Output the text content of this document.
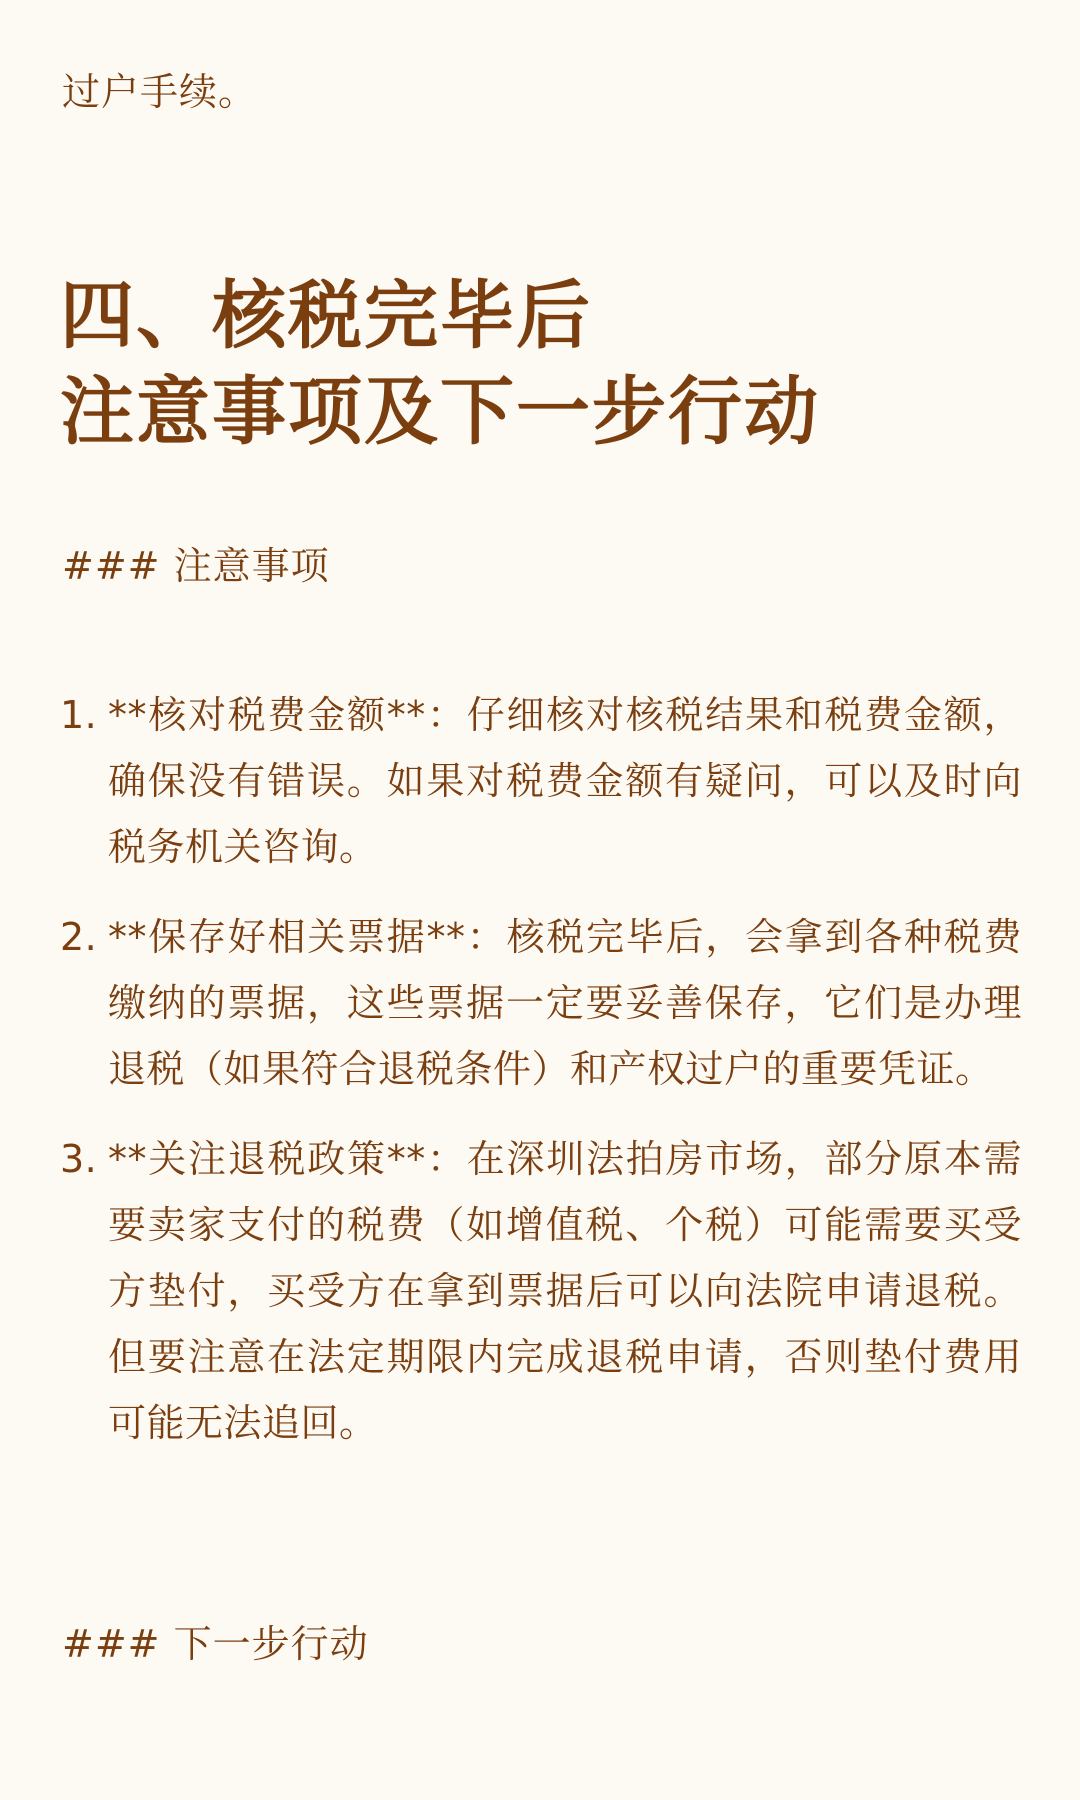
过户手续。
四、核税完毕后
注意事项及下一步行动
### 注意事项
1. **核对税费金额**：仔细核对核税结果和税费金额，确保没有错误。如果对税费金额有疑问，可以及时向税务机关咨询。
2. **保存好相关票据**：核税完毕后，会拿到各种税费缴纳的票据，这些票据一定要妥善保存，它们是办理退税（如果符合退税条件）和产权过户的重要凭证。
3. **关注退税政策**：在深圳法拍房市场，部分原本需要卖家支付的税费（如增值税、个税）可能需要买受方垫付，买受方在拿到票据后可以向法院申请退税。但要注意在法定期限内完成退税申请，否则垫付费用可能无法追回。
### 下一步行动
